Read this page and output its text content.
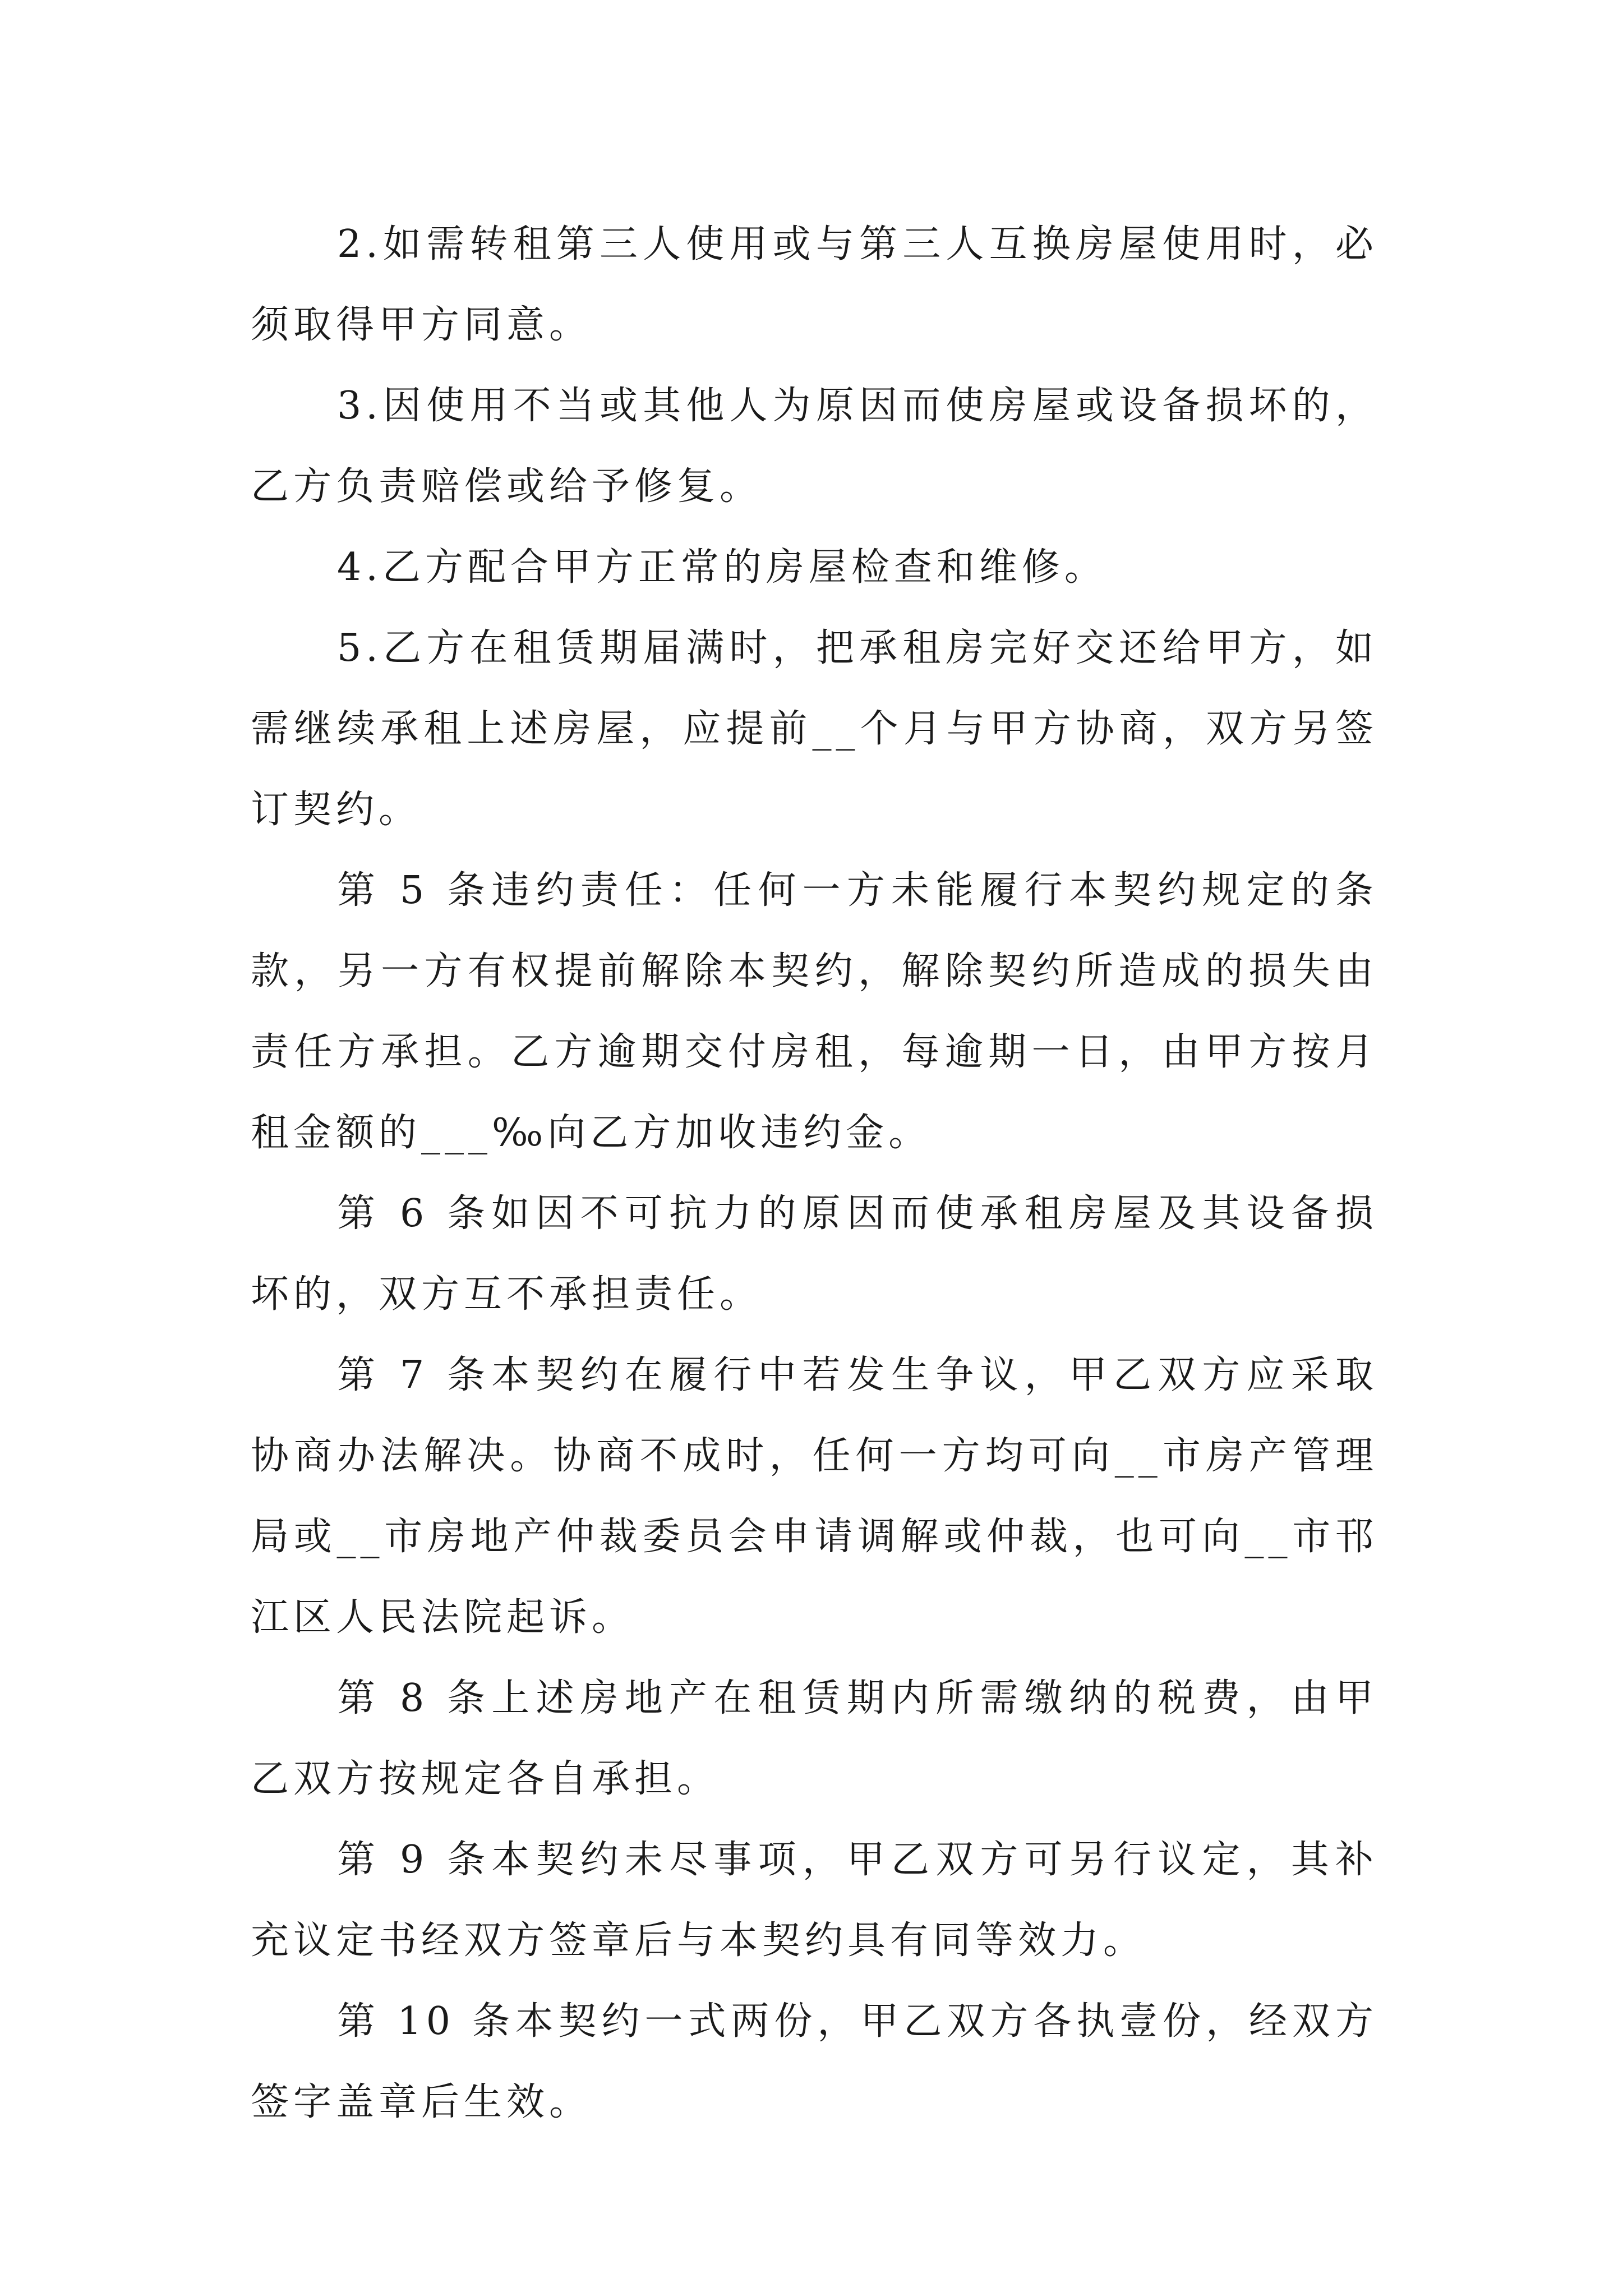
2.如需转租第三人使用或与第三人互换房屋使用时，必须取得甲方同意。

3.因使用不当或其他人为原因而使房屋或设备损坏的，乙方负责赔偿或给予修复。

4.乙方配合甲方正常的房屋检查和维修。

5.乙方在租赁期届满时，把承租房完好交还给甲方，如需继续承租上述房屋，应提前__个月与甲方协商，双方另签订契约。

第 5 条违约责任：任何一方未能履行本契约规定的条款，另一方有权提前解除本契约，解除契约所造成的损失由责任方承担。乙方逾期交付房租，每逾期一日，由甲方按月租金额的___‰向乙方加收违约金。

第 6 条如因不可抗力的原因而使承租房屋及其设备损坏的，双方互不承担责任。

第 7 条本契约在履行中若发生争议，甲乙双方应采取协商办法解决。协商不成时，任何一方均可向__市房产管理局或__市房地产仲裁委员会申请调解或仲裁，也可向__市邗江区人民法院起诉。

第 8 条上述房地产在租赁期内所需缴纳的税费，由甲乙双方按规定各自承担。

第 9 条本契约未尽事项，甲乙双方可另行议定，其补充议定书经双方签章后与本契约具有同等效力。

第 10 条本契约一式两份，甲乙双方各执壹份，经双方签字盖章后生效。
